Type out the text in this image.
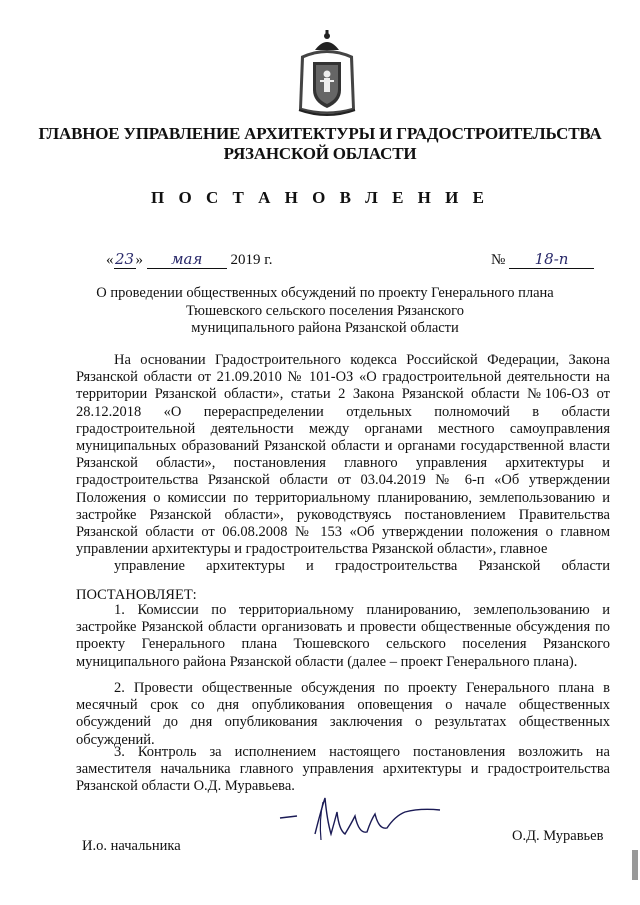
ГЛАВНОЕ УПРАВЛЕНИЕ АРХИТЕКТУРЫ И ГРАДОСТРОИТЕЛЬСТВА
РЯЗАНСКОЙ ОБЛАСТИ
П О С Т А Н О В Л Е Н И Е
«23» мая 2019 г.	№ 18-п
О проведении общественных обсуждений по проекту Генерального плана
Тюшевского сельского поселения Рязанского
муниципального района Рязанской области
На основании Градостроительного кодекса Российской Федерации, Закона Рязанской области от 21.09.2010 № 101-ОЗ «О градостроительной деятельности на территории Рязанской области», статьи 2 Закона Рязанской области №106-ОЗ от 28.12.2018 «О перераспределении отдельных полномочий в области градостроительной деятельности между органами местного самоуправления муниципальных образований Рязанской области и органами государственной власти Рязанской области», постановления главного управления архитектуры и градостроительства Рязанской области от 03.04.2019 № 6-п «Об утверждении Положения о комиссии по территориальному планированию, землепользованию и застройке Рязанской области», руководствуясь постановлением Правительства Рязанской области от 06.08.2008 № 153 «Об утверждении положения о главном управлении архитектуры и градостроительства Рязанской области», главное
управление архитектуры и градостроительства Рязанской области
ПОСТАНОВЛЯЕТ:
1. Комиссии по территориальному планированию, землепользованию и застройке Рязанской области организовать и провести общественные обсуждения по проекту Генерального плана Тюшевского сельского поселения Рязанского муниципального района Рязанской области (далее – проект Генерального плана).
2. Провести общественные обсуждения по проекту Генерального плана в месячный срок со дня опубликования оповещения о начале общественных обсуждений до дня опубликования заключения о результатах общественных обсуждений.
3. Контроль за исполнением настоящего постановления возложить на заместителя начальника главного управления архитектуры и градостроительства Рязанской области О.Д. Муравьева.
И.о. начальника
О.Д. Муравьев
